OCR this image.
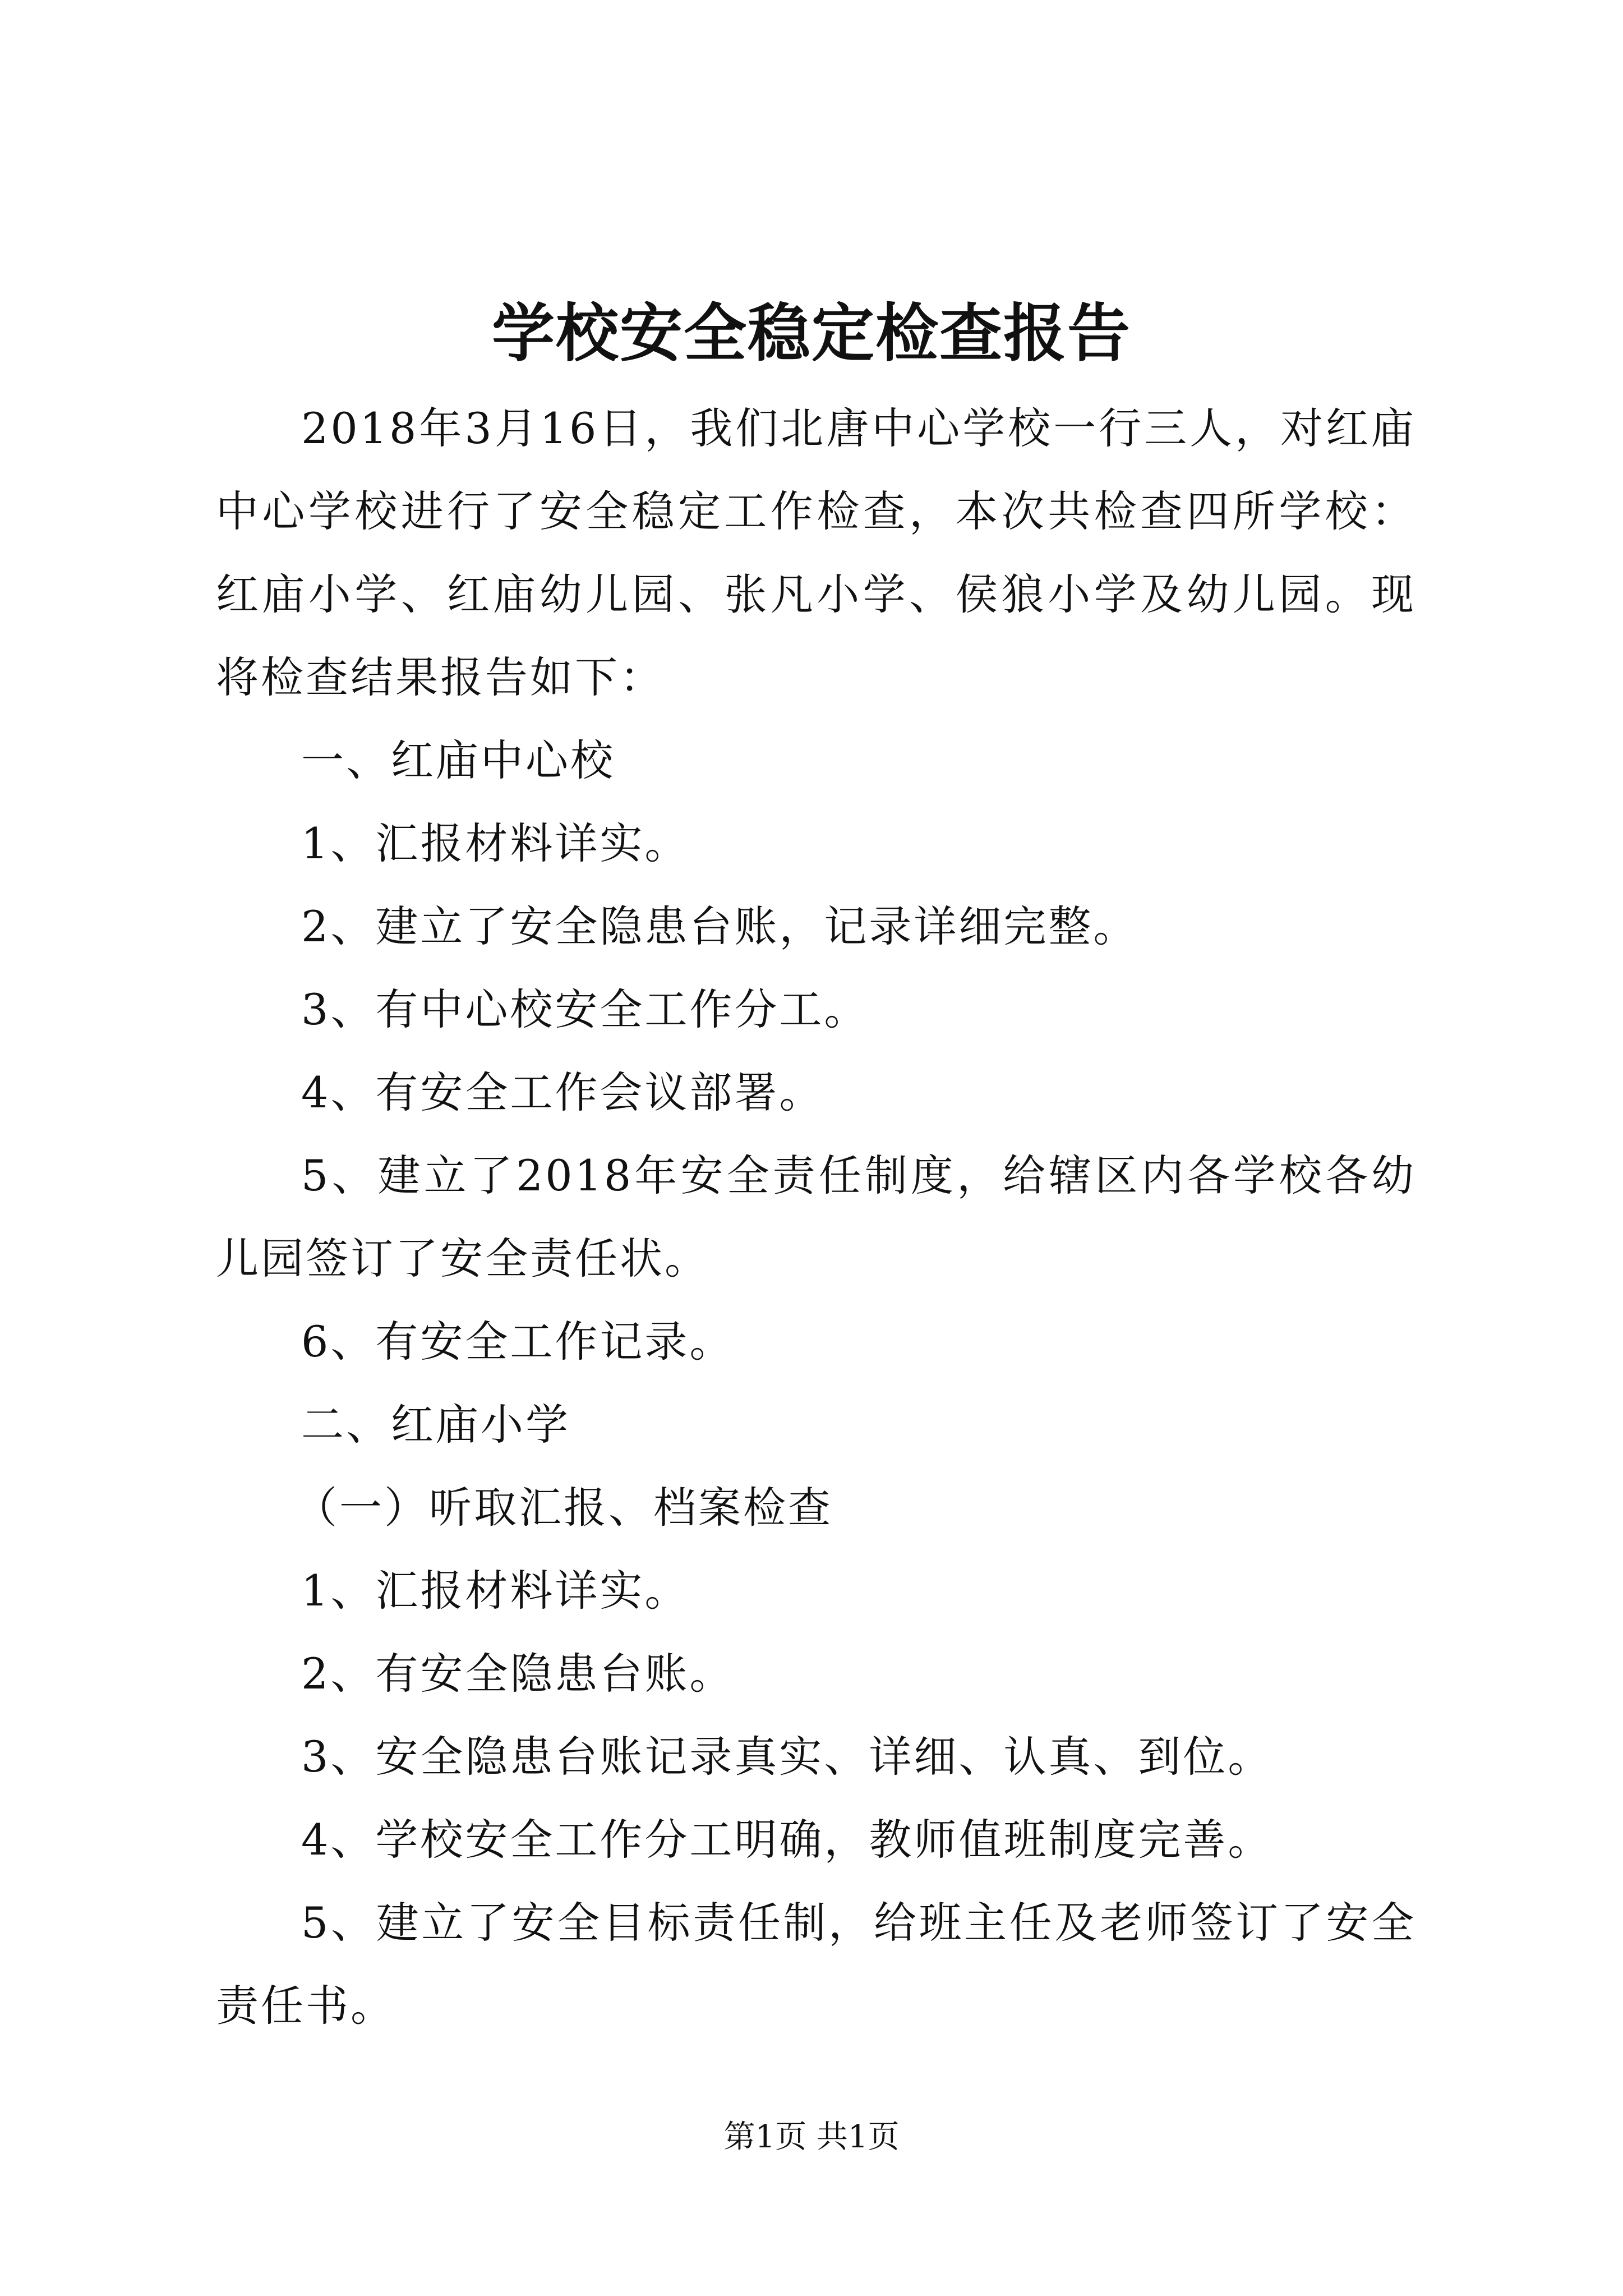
学校安全稳定检查报告

2018年3月16日，我们北唐中心学校一行三人，对红庙中心学校进行了安全稳定工作检查，本次共检查四所学校：红庙小学、红庙幼儿园、张凡小学、侯狼小学及幼儿园。现将检查结果报告如下：

一、红庙中心校

1、汇报材料详实。

2、建立了安全隐患台账，记录详细完整。

3、有中心校安全工作分工。

4、有安全工作会议部署。

5、建立了2018年安全责任制度，给辖区内各学校各幼儿园签订了安全责任状。

6、有安全工作记录。

二、红庙小学

（一）听取汇报、档案检查

1、汇报材料详实。

2、有安全隐患台账。

3、安全隐患台账记录真实、详细、认真、到位。

4、学校安全工作分工明确，教师值班制度完善。

5、建立了安全目标责任制，给班主任及老师签订了安全责任书。

第1页 共1页
